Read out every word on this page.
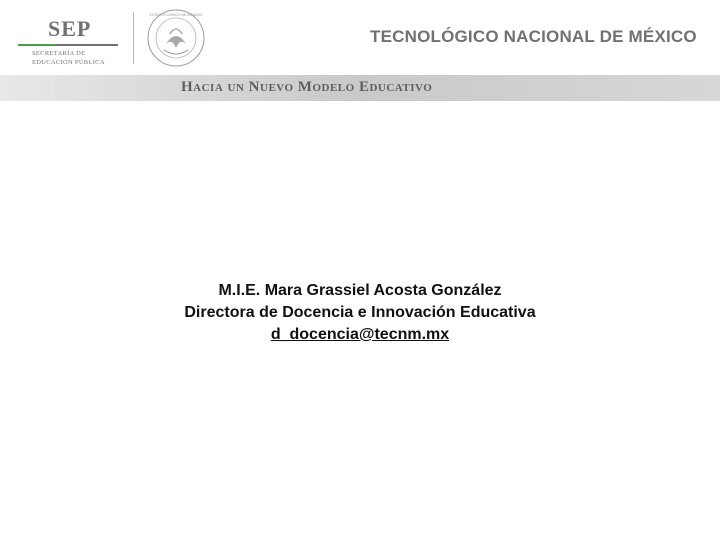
SEP
SECRETARÍA DE
EDUCACIÓN PÚBLICA
ESTADOS UNIDOS MEXICANOS
TECNOLÓGICO NACIONAL DE MÉXICO
Hacia un Nuevo Modelo Educativo
M.I.E. Mara Grassiel Acosta González
Directora de Docencia e Innovación Educativa
d_docencia@tecnm.mx
